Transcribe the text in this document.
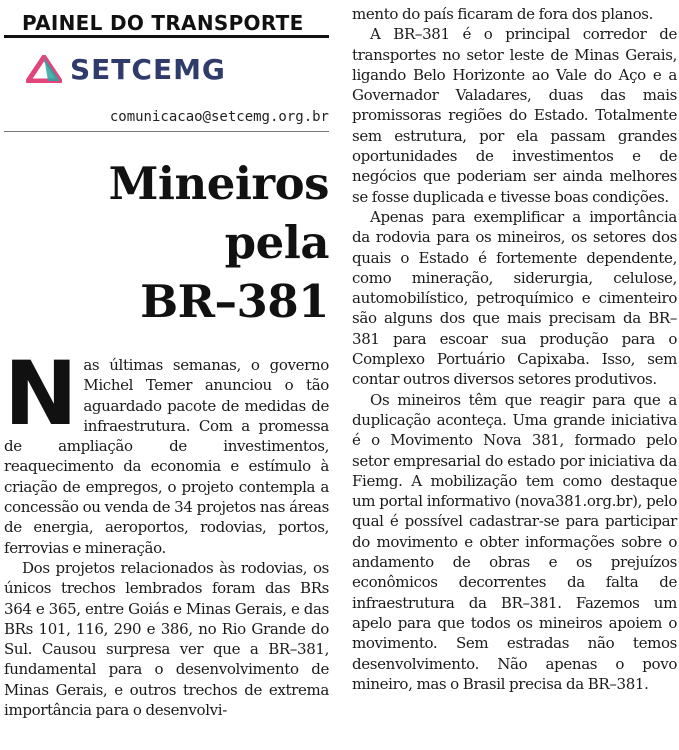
PAINEL DO TRANSPORTE
SETCEMG
comunicacao@setcemg.org.br
Mineiros
pela
BR–381
N as últimas semanas, o governo Michel Temer anunciou o tão aguardado pacote de medidas de infraestrutura. Com a promessa de ampliação de investimentos, reaquecimento da economia e estímulo à criação de empregos, o projeto contempla a concessão ou venda de 34 projetos nas áreas de energia, aeroportos, rodovias, portos, ferrovias e mineração.

Dos projetos relacionados às rodovias, os únicos trechos lembrados foram das BRs 364 e 365, entre Goiás e Minas Gerais, e das BRs 101, 116, 290 e 386, no Rio Grande do Sul. Causou surpresa ver que a BR–381, fundamental para o desenvolvimento de Minas Gerais, e outros trechos de extrema importância para o desenvolvi-

mento do país ficaram de fora dos planos.

A BR–381 é o principal corredor de transportes no setor leste de Minas Gerais, ligando Belo Horizonte ao Vale do Aço e a Governador Valadares, duas das mais promissoras regiões do Estado. Totalmente sem estrutura, por ela passam grandes oportunidades de investimentos e de negócios que poderiam ser ainda melhores se fosse duplicada e tivesse boas condições.

Apenas para exemplificar a importância da rodovia para os mineiros, os setores dos quais o Estado é fortemente dependente, como mineração, siderurgia, celulose, automobilístico, petroquímico e cimenteiro são alguns dos que mais precisam da BR–381 para escoar sua produção para o Complexo Portuário Capixaba. Isso, sem contar outros diversos setores produtivos.

Os mineiros têm que reagir para que a duplicação aconteça. Uma grande iniciativa é o Movimento Nova 381, formado pelo setor empresarial do estado por iniciativa da Fiemg. A mobilização tem como destaque um portal informativo (nova381.org.br), pelo qual é possível cadastrar-se para participar do movimento e obter informações sobre o andamento de obras e os prejuízos econômicos decorrentes da falta de infraestrutura da BR–381. Fazemos um apelo para que todos os mineiros apoiem o movimento. Sem estradas não temos desenvolvimento. Não apenas o povo mineiro, mas o Brasil precisa da BR–381.
